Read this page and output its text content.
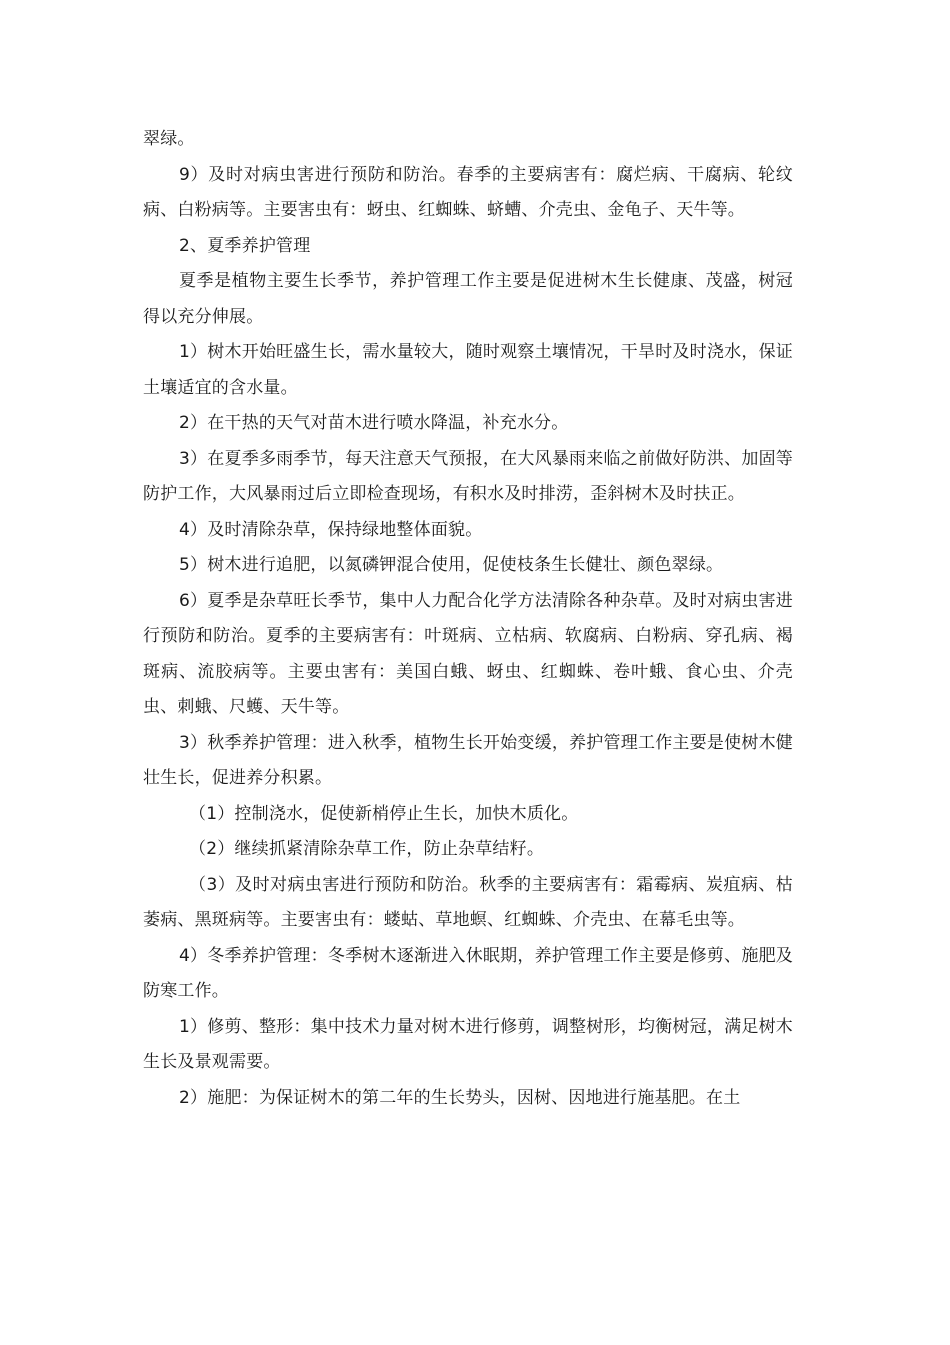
翠绿。

9）及时对病虫害进行预防和防治。春季的主要病害有：腐烂病、干腐病、轮纹病、白粉病等。主要害虫有：蚜虫、红蜘蛛、蛴螬、介壳虫、金龟子、天牛等。

2、夏季养护管理

夏季是植物主要生长季节，养护管理工作主要是促进树木生长健康、茂盛，树冠得以充分伸展。

1）树木开始旺盛生长，需水量较大，随时观察土壤情况，干旱时及时浇水，保证土壤适宜的含水量。

2）在干热的天气对苗木进行喷水降温，补充水分。

3）在夏季多雨季节，每天注意天气预报，在大风暴雨来临之前做好防洪、加固等防护工作，大风暴雨过后立即检查现场，有积水及时排涝，歪斜树木及时扶正。

4）及时清除杂草，保持绿地整体面貌。

5）树木进行追肥，以氮磷钾混合使用，促使枝条生长健壮、颜色翠绿。

6）夏季是杂草旺长季节，集中人力配合化学方法清除各种杂草。及时对病虫害进行预防和防治。夏季的主要病害有：叶斑病、立枯病、软腐病、白粉病、穿孔病、褐斑病、流胶病等。主要虫害有：美国白蛾、蚜虫、红蜘蛛、卷叶蛾、食心虫、介壳虫、刺蛾、尺蠖、天牛等。

3）秋季养护管理：进入秋季，植物生长开始变缓，养护管理工作主要是使树木健壮生长，促进养分积累。

（1）控制浇水，促使新梢停止生长，加快木质化。

（2）继续抓紧清除杂草工作，防止杂草结籽。

（3）及时对病虫害进行预防和防治。秋季的主要病害有：霜霉病、炭疽病、枯萎病、黑斑病等。主要害虫有：蝼蛄、草地螟、红蜘蛛、介壳虫、在幕毛虫等。

4）冬季养护管理：冬季树木逐渐进入休眠期，养护管理工作主要是修剪、施肥及防寒工作。

1）修剪、整形：集中技术力量对树木进行修剪，调整树形，均衡树冠，满足树木生长及景观需要。

2）施肥：为保证树木的第二年的生长势头，因树、因地进行施基肥。在土
